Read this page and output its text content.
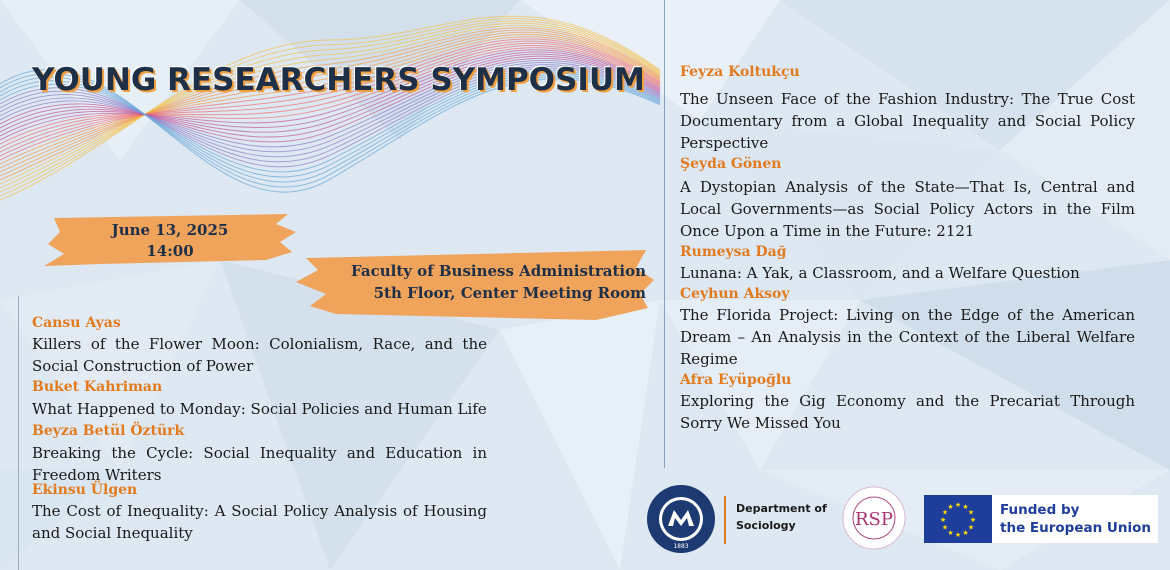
YOUNG RESEARCHERS SYMPOSIUM
June 13, 2025
14:00
Faculty of Business Administration
5th Floor, Center Meeting Room

Cansu Ayas

Killers of the Flower Moon: Colonialism, Race, and the Social Construction of Power

Buket Kahriman

What Happened to Monday: Social Policies and Human Life

Beyza Betül Öztürk

Breaking the Cycle: Social Inequality and Education in Freedom Writers

Ekinsu Ülgen

The Cost of Inequality: A Social Policy Analysis of Housing and Social Inequality

Feyza Koltukçu

The Unseen Face of the Fashion Industry: The True Cost Documentary from a Global Inequality and Social Policy Perspective

Şeyda Gönen

A Dystopian Analysis of the State—That Is, Central and Local Governments—as Social Policy Actors in the Film Once Upon a Time in the Future: 2121

Rumeysa Dağ

Lunana: A Yak, a Classroom, and a Welfare Question

Ceyhun Aksoy

The Florida Project: Living on the Edge of the American Dream – An Analysis in the Context of the Liberal Welfare Regime

Afra Eyüpoğlu

Exploring the Gig Economy and the Precariat Through Sorry We Missed You

1883
Department of
Sociology	RSP	★
★
★
★
★
★
★
★
★ ★ ★
★ Funded by
the European Union
